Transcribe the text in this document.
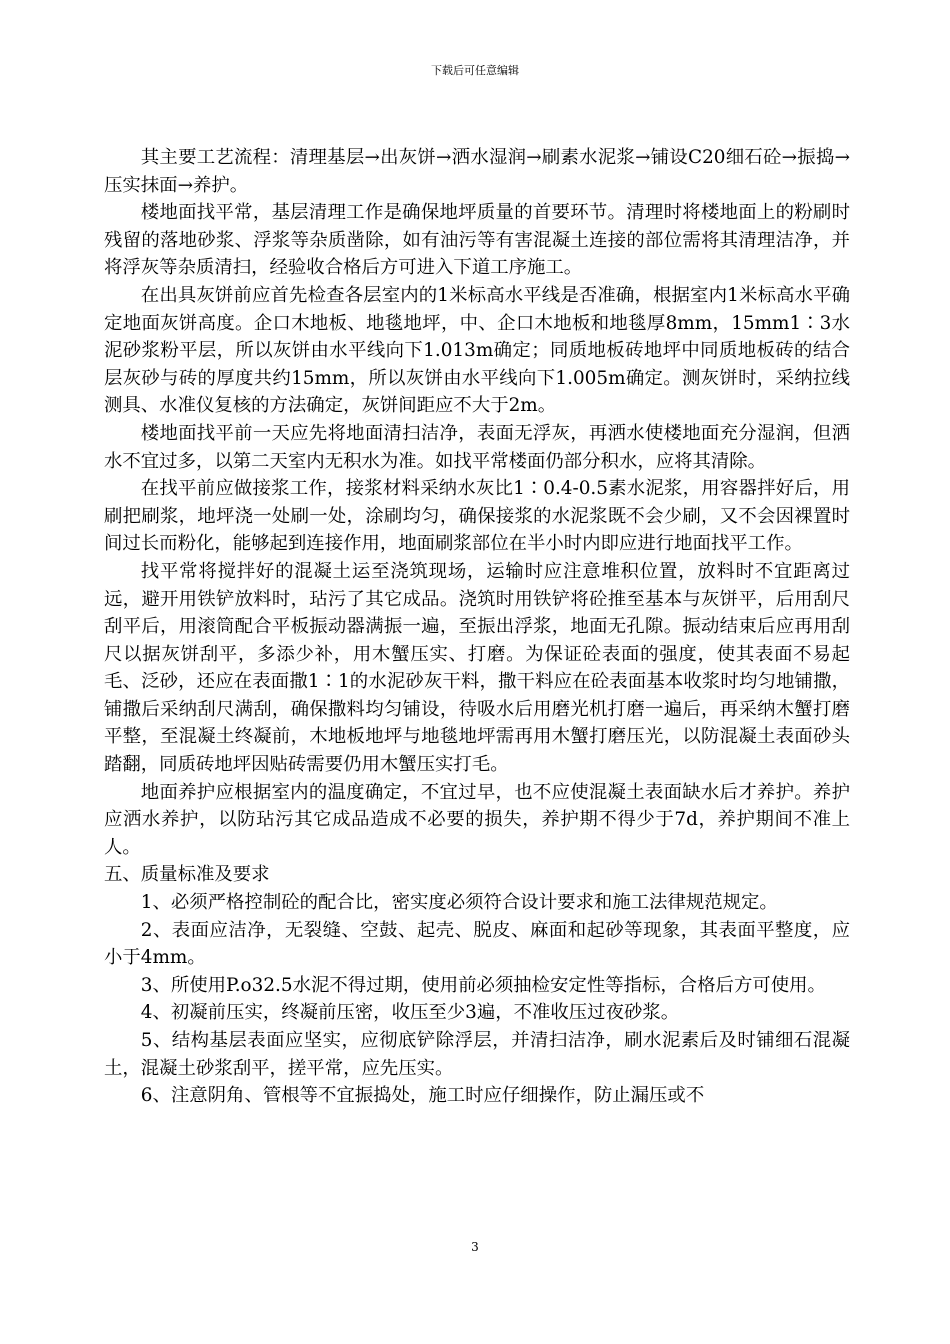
下载后可任意编辑

其主要工艺流程：清理基层→出灰饼→洒水湿润→刷素水泥浆→铺设C20细石砼→振捣→压实抹面→养护。

楼地面找平常，基层清理工作是确保地坪质量的首要环节。清理时将楼地面上的粉刷时残留的落地砂浆、浮浆等杂质凿除，如有油污等有害混凝土连接的部位需将其清理洁净，并将浮灰等杂质清扫，经验收合格后方可进入下道工序施工。

在出具灰饼前应首先检查各层室内的1米标高水平线是否准确，根据室内1米标高水平确定地面灰饼高度。企口木地板、地毯地坪，中、企口木地板和地毯厚8mm，15mm1∶3水泥砂浆粉平层，所以灰饼由水平线向下1.013m确定；同质地板砖地坪中同质地板砖的结合层灰砂与砖的厚度共约15mm，所以灰饼由水平线向下1.005m确定。测灰饼时，采纳拉线测具、水准仪复核的方法确定，灰饼间距应不大于2m。

楼地面找平前一天应先将地面清扫洁净，表面无浮灰，再洒水使楼地面充分湿润，但洒水不宜过多，以第二天室内无积水为准。如找平常楼面仍部分积水，应将其清除。

在找平前应做接浆工作，接浆材料采纳水灰比1∶0.4-0.5素水泥浆，用容器拌好后，用刷把刷浆，地坪浇一处刷一处，涂刷均匀，确保接浆的水泥浆既不会少刷，又不会因裸置时间过长而粉化，能够起到连接作用，地面刷浆部位在半小时内即应进行地面找平工作。

找平常将搅拌好的混凝土运至浇筑现场，运输时应注意堆积位置，放料时不宜距离过远，避开用铁铲放料时，玷污了其它成品。浇筑时用铁铲将砼推至基本与灰饼平，后用刮尺刮平后，用滚筒配合平板振动器满振一遍，至振出浮浆，地面无孔隙。振动结束后应再用刮尺以据灰饼刮平，多添少补，用木蟹压实、打磨。为保证砼表面的强度，使其表面不易起毛、泛砂，还应在表面撒1∶1的水泥砂灰干料，撒干料应在砼表面基本收浆时均匀地铺撒，铺撒后采纳刮尺满刮，确保撒料均匀铺设，待吸水后用磨光机打磨一遍后，再采纳木蟹打磨平整，至混凝土终凝前，木地板地坪与地毯地坪需再用木蟹打磨压光，以防混凝土表面砂头踏翻，同质砖地坪因贴砖需要仍用木蟹压实打毛。

地面养护应根据室内的温度确定，不宜过早，也不应使混凝土表面缺水后才养护。养护应洒水养护，以防玷污其它成品造成不必要的损失，养护期不得少于7d，养护期间不准上人。

五、质量标准及要求

1、必须严格控制砼的配合比，密实度必须符合设计要求和施工法律规范规定。

2、表面应洁净，无裂缝、空鼓、起壳、脱皮、麻面和起砂等现象，其表面平整度，应小于4mm。

3、所使用P.o32.5水泥不得过期，使用前必须抽检安定性等指标，合格后方可使用。

4、初凝前压实，终凝前压密，收压至少3遍，不准收压过夜砂浆。

5、结构基层表面应坚实，应彻底铲除浮层，并清扫洁净，刷水泥素后及时铺细石混凝土，混凝土砂浆刮平，搓平常，应先压实。

6、注意阴角、管根等不宜振捣处，施工时应仔细操作，防止漏压或不

3
